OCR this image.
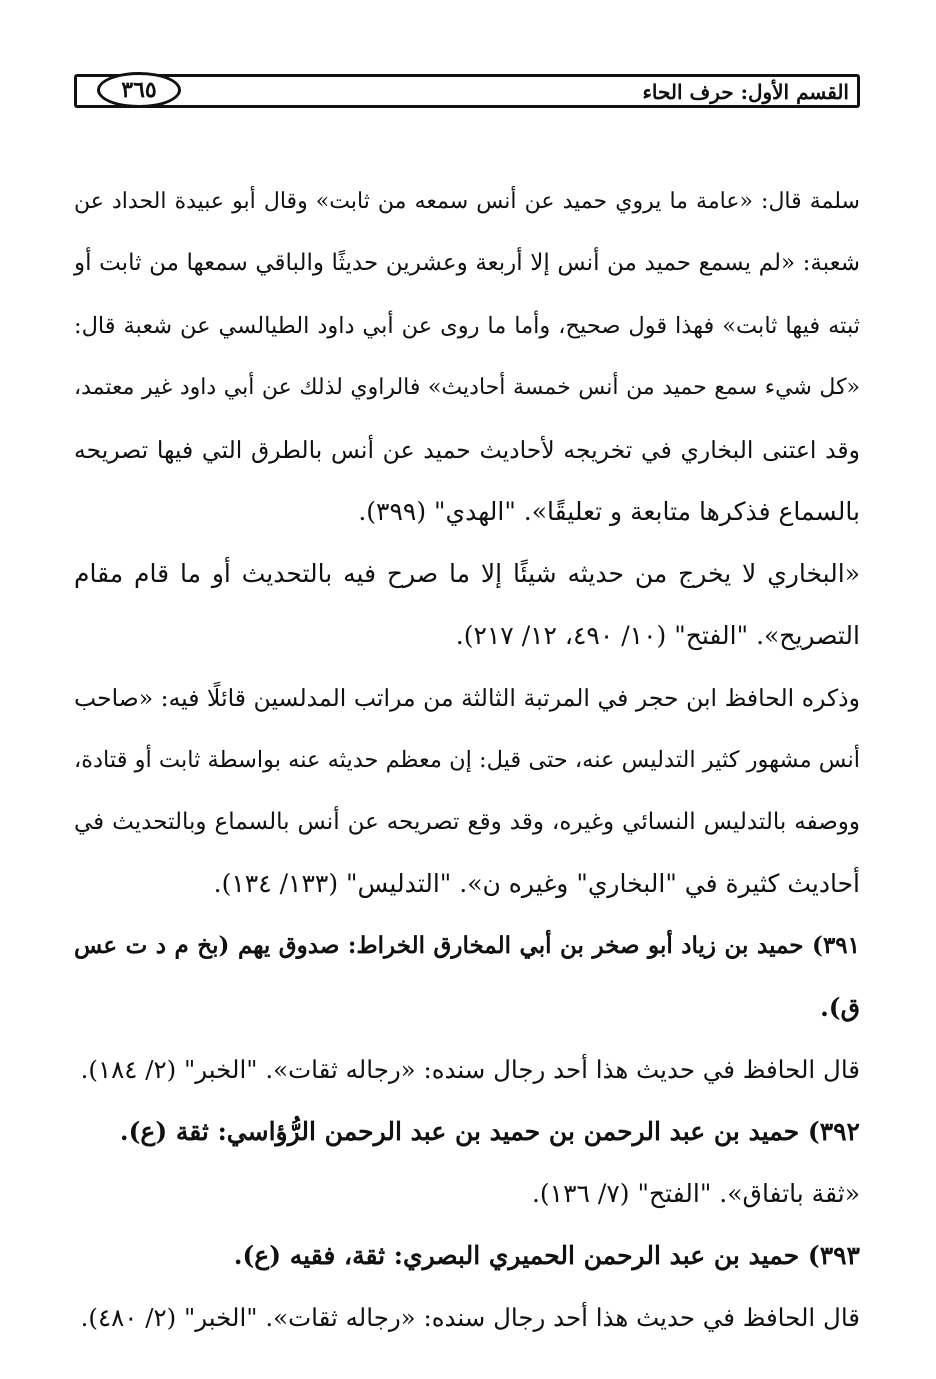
القسم الأول: حرف الحاء
٣٦٥
سلمة قال: «عامة ما يروي حميد عن أنس سمعه من ثابت» وقال أبو عبيدة الحداد عن
شعبة: «لم يسمع حميد من أنس إلا أربعة وعشرين حديثًا والباقي سمعها من ثابت أو
ثبته فيها ثابت» فهذا قول صحيح، وأما ما روى عن أبي داود الطيالسي عن شعبة قال:
«كل شيء سمع حميد من أنس خمسة أحاديث» فالراوي لذلك عن أبي داود غير معتمد،
وقد اعتنى البخاري في تخريجه لأحاديث حميد عن أنس بالطرق التي فيها تصريحه
بالسماع فذكرها متابعة و تعليقًا». "الهدي" (٣٩٩).
«البخاري لا يخرج من حديثه شيئًا إلا ما صرح فيه بالتحديث أو ما قام مقام
التصريح». "الفتح" (١٠/ ٤٩٠، ١٢/ ٢١٧).
وذكره الحافظ ابن حجر في المرتبة الثالثة من مراتب المدلسين قائلًا فيه: «صاحب
أنس مشهور كثير التدليس عنه، حتى قيل: إن معظم حديثه عنه بواسطة ثابت أو قتادة،
ووصفه بالتدليس النسائي وغيره، وقد وقع تصريحه عن أنس بالسماع وبالتحديث في
أحاديث كثيرة في "البخاري" وغيره ن». "التدليس" (١٣٣/ ١٣٤).
٣٩١) حميد بن زياد أبو صخر بن أبي المخارق الخراط: صدوق يهم (بخ م د ت عس
ق).
قال الحافظ في حديث هذا أحد رجال سنده: «رجاله ثقات». "الخبر" (٢/ ١٨٤).
٣٩٢) حميد بن عبد الرحمن بن حميد بن عبد الرحمن الرُّؤاسي: ثقة (ع).
«ثقة باتفاق». "الفتح" (٧/ ١٣٦).
٣٩٣) حميد بن عبد الرحمن الحميري البصري: ثقة، فقيه (ع).
قال الحافظ في حديث هذا أحد رجال سنده: «رجاله ثقات». "الخبر" (٢/ ٤٨٠).
